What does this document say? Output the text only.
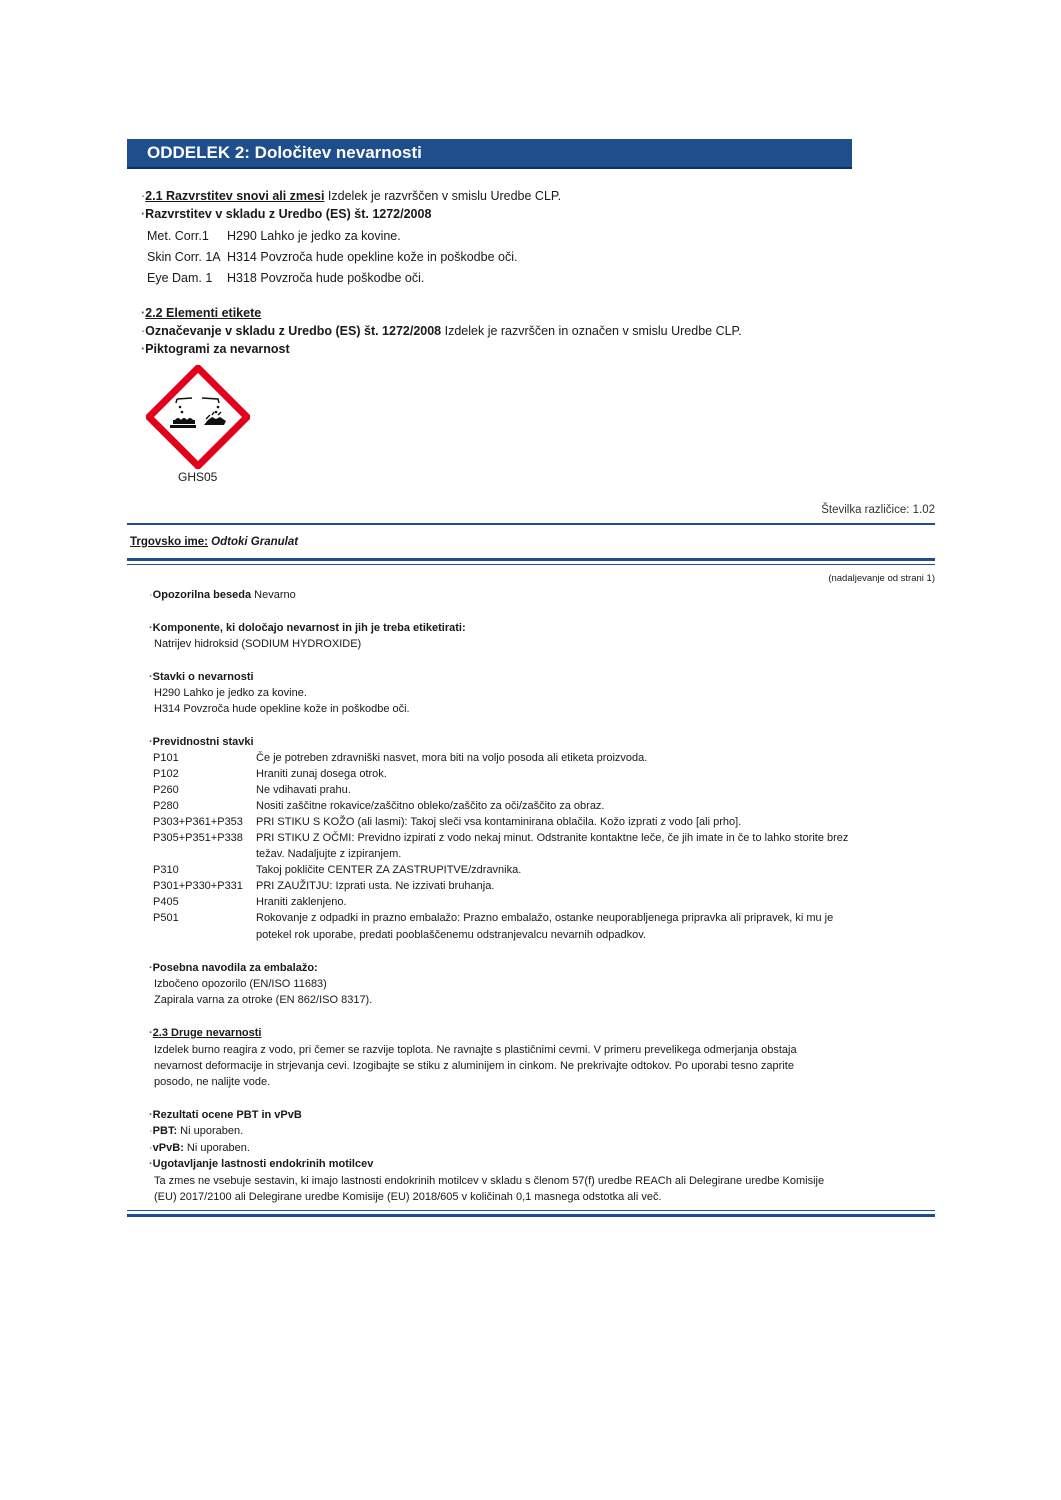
ODDELEK 2: Določitev nevarnosti
·2.1 Razvrstitev snovi ali zmesi Izdelek je razvrščen v smislu Uredbe CLP.
·Razvrstitev v skladu z Uredbo (ES) št. 1272/2008
Met. Corr.1 H290 Lahko je jedko za kovine.
Skin Corr. 1A H314 Povzroča hude opekline kože in poškodbe oči.
Eye Dam. 1 H318 Povzroča hude poškodbe oči.
·2.2 Elementi etikete
·Označevanje v skladu z Uredbo (ES) št. 1272/2008 Izdelek je razvrščen in označen v smislu Uredbe CLP.
·Piktogrami za nevarnost
GHS05
Številka različice: 1.02
Trgovsko ime: Odtoki Granulat
(nadaljevanje od strani 1)
·Opozorilna beseda Nevarno
·Komponente, ki določajo nevarnost in jih je treba etiketirati:
Natrijev hidroksid (SODIUM HYDROXIDE)
·Stavki o nevarnosti
H290 Lahko je jedko za kovine.
H314 Povzroča hude opekline kože in poškodbe oči.
·Previdnostni stavki
P101	Če je potreben zdravniški nasvet, mora biti na voljo posoda ali etiketa proizvoda.
P102	Hraniti zunaj dosega otrok.
P260	Ne vdihavati prahu.
P280	Nositi zaščitne rokavice/zaščitno obleko/zaščito za oči/zaščito za obraz.
P303+P361+P353	PRI STIKU S KOŽO (ali lasmi): Takoj sleči vsa kontaminirana oblačila. Kožo izprati z vodo [ali prho].
P305+P351+P338	PRI STIKU Z OČMI: Previdno izpirati z vodo nekaj minut. Odstranite kontaktne leče, če jih imate in če to lahko storite brez
težav. Nadaljujte z izpiranjem.
P310	Takoj pokličite CENTER ZA ZASTRUPITVE/zdravnika.
P301+P330+P331	PRI ZAUŽITJU: Izprati usta. Ne izzivati bruhanja.
P405	Hraniti zaklenjeno.
P501	Rokovanje z odpadki in prazno embalažo: Prazno embalažo, ostanke neuporabljenega pripravka ali pripravek, ki mu je
potekel rok uporabe, predati pooblaščenemu odstranjevalcu nevarnih odpadkov.
·Posebna navodila za embalažo:
Izbočeno opozorilo (EN/ISO 11683)
Zapirala varna za otroke (EN 862/ISO 8317).
·2.3 Druge nevarnosti
Izdelek burno reagira z vodo, pri čemer se razvije toplota. Ne ravnajte s plastičnimi cevmi. V primeru prevelikega odmerjanja obstaja
nevarnost deformacije in strjevanja cevi. Izogibajte se stiku z aluminijem in cinkom. Ne prekrivajte odtokov. Po uporabi tesno zaprite
posodo, ne nalijte vode.
·Rezultati ocene PBT in vPvB
·PBT: Ni uporaben.
·vPvB: Ni uporaben.
·Ugotavljanje lastnosti endokrinih motilcev
Ta zmes ne vsebuje sestavin, ki imajo lastnosti endokrinih motilcev v skladu s členom 57(f) uredbe REACh ali Delegirane uredbe Komisije
(EU) 2017/2100 ali Delegirane uredbe Komisije (EU) 2018/605 v količinah 0,1 masnega odstotka ali več.
